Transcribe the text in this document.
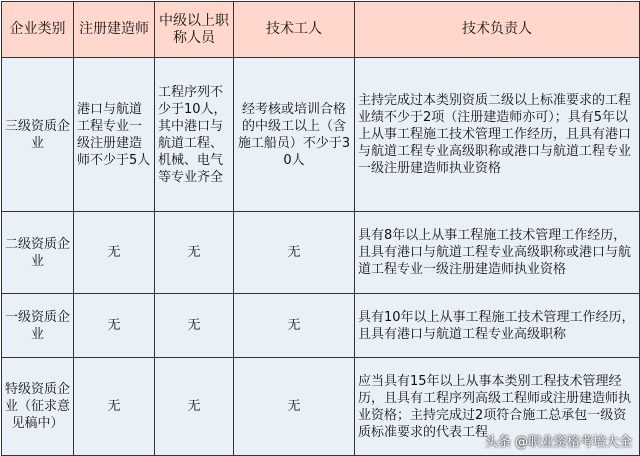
企业类别	注册建造师	中级以上职称人员	技术工人	技术负责人
三级资质企业	港口与航道工程专业一级注册建造师不少于5人	工程序列不少于10人，其中港口与航道工程、机械、电气等专业齐全	经考核或培训合格的中级工以上（含施工船员）不少于30人	主持完成过本类别资质二级以上标准要求的工程业绩不少于2项（注册建造师亦可）；具有5年以上从事工程施工技术管理工作经历，且具有港口与航道工程专业高级职称或港口与航道工程专业一级注册建造师执业资格
二级资质企业	无	无	无	具有8年以上从事工程施工技术管理工作经历，且具有港口与航道工程专业高级职称或港口与航道工程专业一级注册建造师执业资格
一级资质企业	无	无	无	具有10年以上从事工程施工技术管理工作经历，且具有港口与航道工程专业高级职称
特级资质企业（征求意见稿中）	无	无	无	应当具有15年以上从事本类别工程技术管理经历，且具有工程序列高级工程师或注册建造师执业资格；主持完成过2项符合施工总承包一级资质标准要求的代表工程
头条 @职业资格考培大全
